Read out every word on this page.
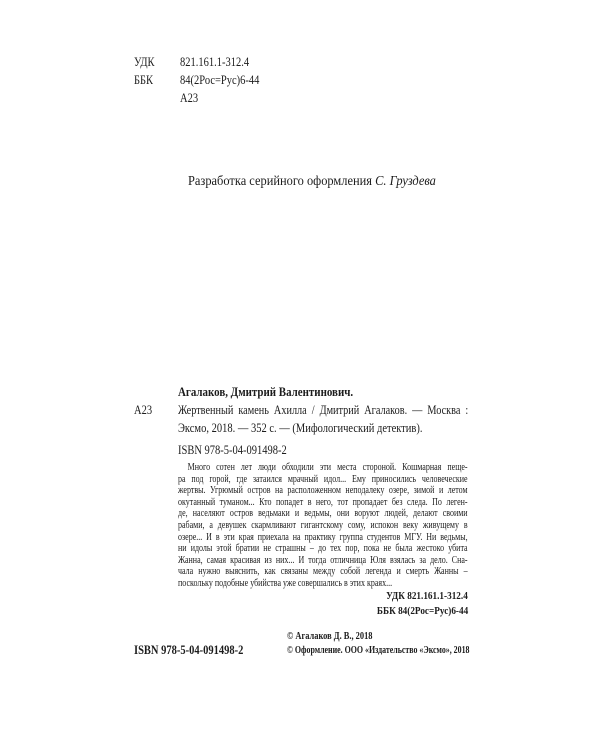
УДК 821.161.1-312.4
ББК 84(2Рос=Рус)6-44
А23
Разработка серийного оформления С. Груздева
Агалаков, Дмитрий Валентинович.
А23 Жертвенный камень Ахилла / Дмитрий Агалаков. — Москва :
Эксмо, 2018. — 352 с. — (Мифологический детектив).
ISBN 978-5-04-091498-2
Много сотен лет люди обходили эти места стороной. Кошмарная пеще-
ра под горой, где затаился мрачный идол... Ему приносились человеческие
жертвы. Угрюмый остров на расположенном неподалеку озере, зимой и летом
окутанный туманом... Кто попадет в него, тот пропадает без следа. По леген-
де, населяют остров ведьмаки и ведьмы, они воруют людей, делают своими
рабами, а девушек скармливают гигантскому сому, испокон веку живущему в
озере... И в эти края приехала на практику группа студентов МГУ. Ни ведьмы,
ни идолы этой братии не страшны – до тех пор, пока не была жестоко убита
Жанна, самая красивая из них... И тогда отличница Юля взялась за дело. Сна-
чала нужно выяснить, как связаны между собой легенда и смерть Жанны –
поскольку подобные убийства уже совершались в этих краях...
УДК 821.161.1-312.4
ББК 84(2Рос=Рус)6-44
ISBN 978-5-04-091498-2
© Агалаков Д. В., 2018
© Оформление. ООО «Издательство «Эксмо», 2018
